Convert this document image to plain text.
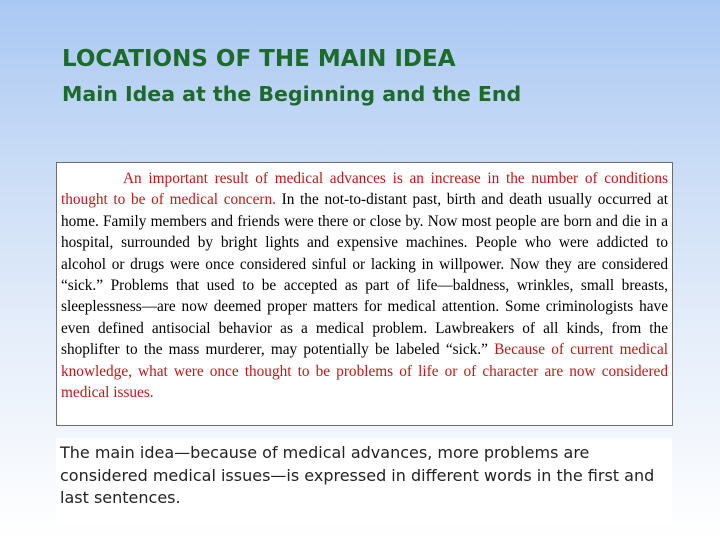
LOCATIONS OF THE MAIN IDEA
Main Idea at the Beginning and the End
An important result of medical advances is an increase in the number of conditions thought to be of medical concern. In the not-to-distant past, birth and death usually occurred at home. Family members and friends were there or close by. Now most people are born and die in a hospital, surrounded by bright lights and expensive machines. People who were addicted to alcohol or drugs were once considered sinful or lacking in willpower. Now they are considered “sick.” Problems that used to be accepted as part of life—baldness, wrinkles, small breasts, sleeplessness—are now deemed proper matters for medical attention. Some criminologists have even defined antisocial behavior as a medical problem. Lawbreakers of all kinds, from the shoplifter to the mass murderer, may potentially be labeled “sick.” Because of current medical knowledge, what were once thought to be problems of life or of character are now considered medical issues.

The main idea—because of medical advances, more problems are considered medical issues—is expressed in different words in the first and last sentences.
